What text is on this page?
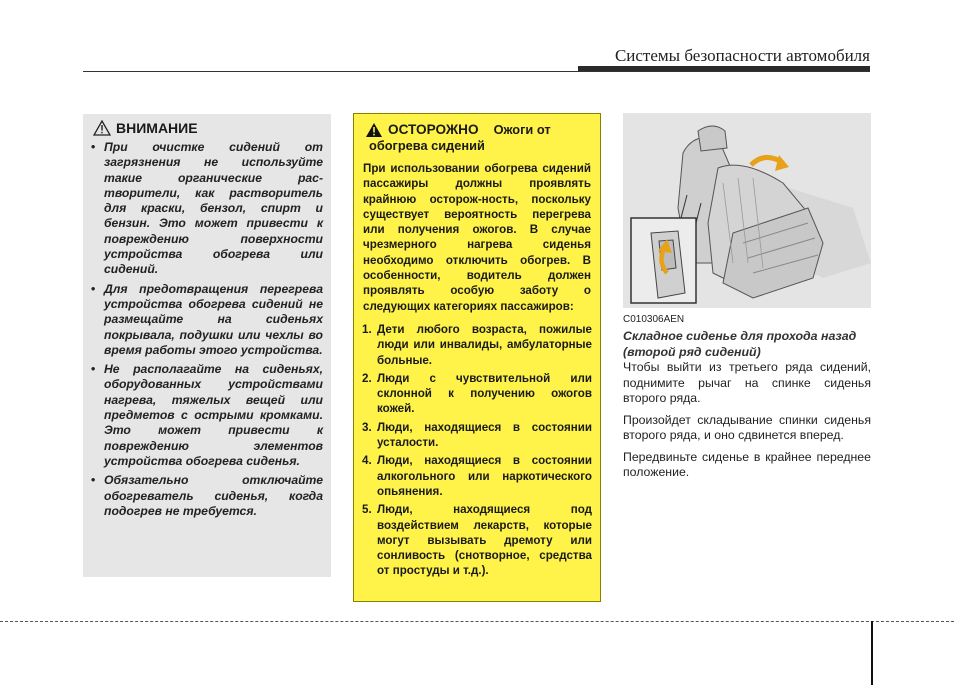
Системы безопасности автомобиля
ВНИМАНИЕ
• При очистке сидений от загрязнения не используйте такие органические рас-творители, как растворитель для краски, бензол, спирт и бензин. Это может привести к повреждению поверхности устройства обогрева или сидений.
• Для предотвращения перегрева устройства обогрева сидений не размещайте на сиденьях покрывала, подушки или чехлы во время работы этого устройства.
• Не располагайте на сиденьях, оборудованных устройствами нагрева, тяжелых вещей или предметов с острыми кромками. Это может привести к повреждению элементов устройства обогрева сиденья.
• Обязательно отключайте обогреватель сиденья, когда подогрев не требуется.
ОСТОРОЖНО Ожоги от
обогрева сидений
При использовании обогрева сидений пассажиры должны проявлять крайнюю осторож-ность, поскольку существует вероятность перегрева или получения ожогов. В случае чрезмерного нагрева сиденья необходимо отключить обогрев. В особенности, водитель должен проявлять особую заботу о следующих категориях пассажиров:
1. Дети любого возраста, пожилые люди или инвалиды, амбулаторные больные.
2. Люди с чувствительной или склонной к получению ожогов кожей.
3. Люди, находящиеся в состоянии усталости.
4. Люди, находящиеся в состоянии алкогольного или наркотического опьянения.
5. Люди, находящиеся под воздействием лекарств, которые могут вызывать дремоту или сонливость (снотворное, средства от простуды и т.д.).
C010306AEN
Складное сиденье для прохода назад (второй ряд сидений)

Чтобы выйти из третьего ряда сидений, поднимите рычаг на спинке сиденья второго ряда.

Произойдет складывание спинки сиденья второго ряда, и оно сдвинется вперед.

Передвиньте сиденье в крайнее переднее положение.
